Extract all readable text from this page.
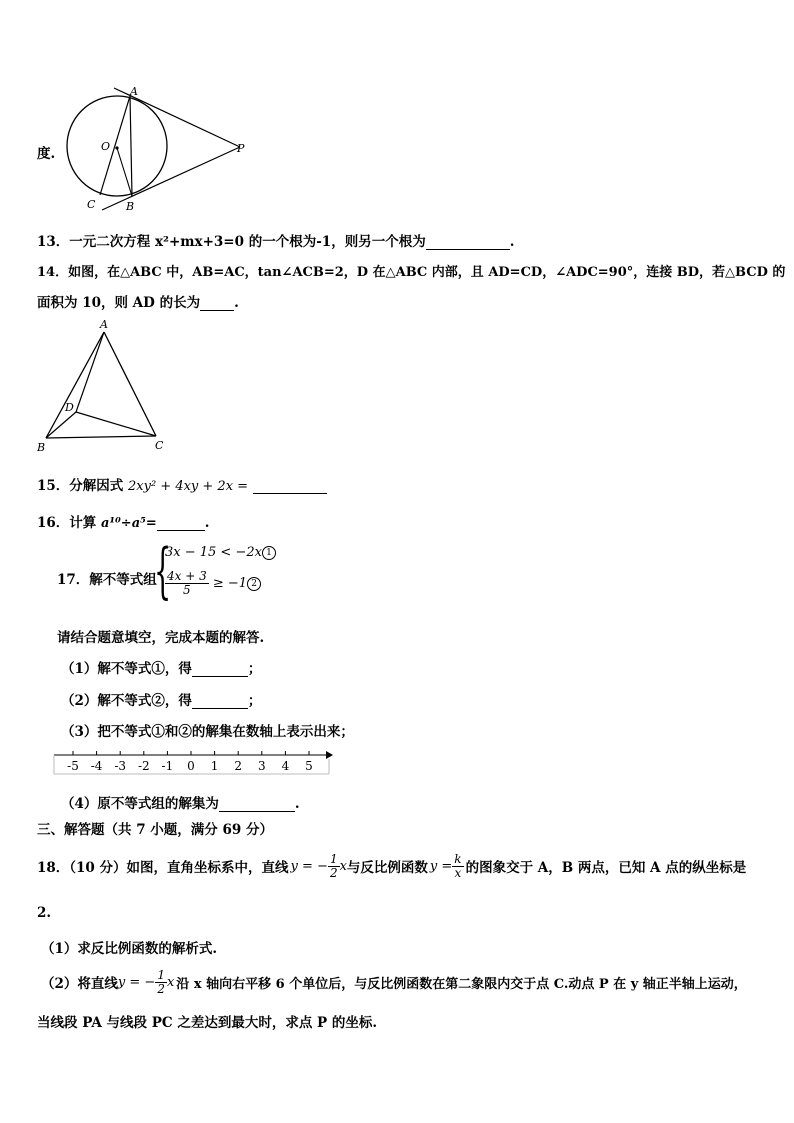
A
O	P
C	B
度.
13．一元二次方程 x²+mx+3=0 的一个根为-1，则另一个根为	.
14．如图，在△ABC 中，AB=AC，tan∠ACB=2，D 在△ABC 内部，且 AD=CD，∠ADC=90°，连接 BD，若△BCD 的
面积为 10，则 AD 的长为	.
A
D
B	C
15．分解因式 2xy² + 4xy + 2x =
16．计算 a¹⁰÷a⁵=	.
17．解不等式组
{
3x − 15 < −2x 1
$\frac{4x + 3}{5} \ge -1$ 2
请结合题意填空，完成本题的解答.
（1）解不等式①，得	；
（2）解不等式②，得	；
（3）把不等式①和②的解集在数轴上表示出来；
-5 -4 -3 -2 -1 0 1 2 3 4 5
（4）原不等式组的解集为	.
三、解答题（共 7 小题，满分 69 分）
18．（10 分）如图，直角坐标系中，直线 y = − $\frac{1}{2}$ x 与反比例函数 $y = \frac{k}{x}$ 的图象交于 A，B 两点，已知 A 点的纵坐标是
2.
（1）求反比例函数的解析式.
（2）将直线 y = − $\frac{1}{2}$ x 沿 x 轴向右平移 6 个单位后，与反比例函数在第二象限内交于点 C.动点 P 在 y 轴正半轴上运动，
当线段 PA 与线段 PC 之差达到最大时，求点 P 的坐标.
